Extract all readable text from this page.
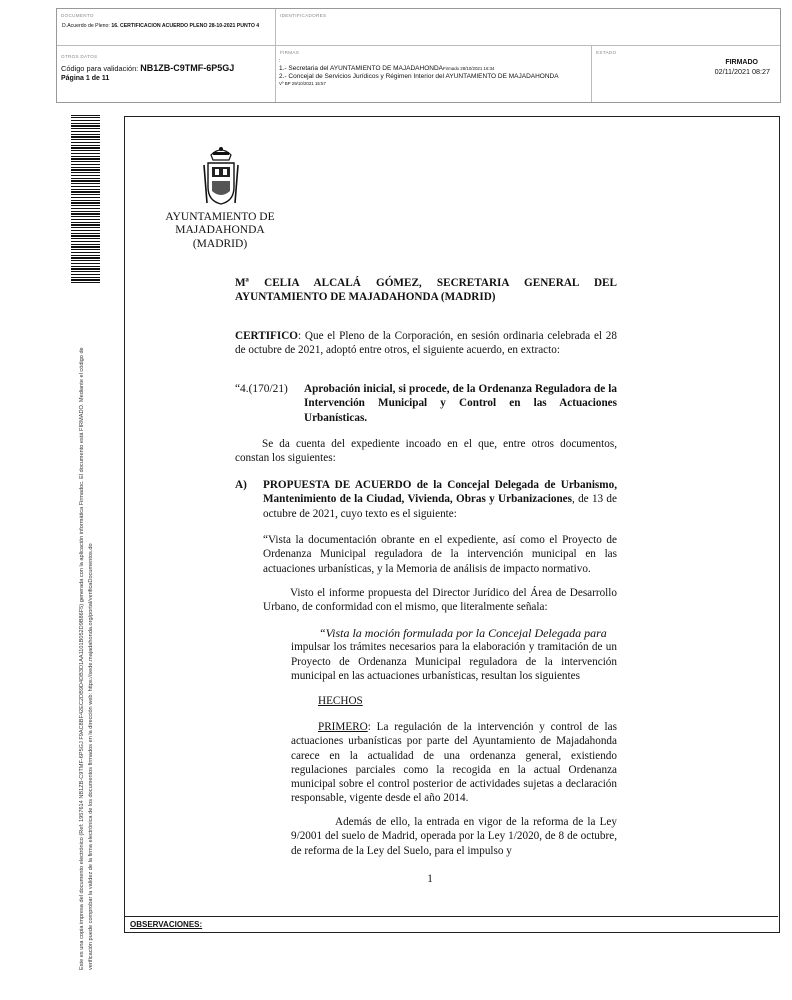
DOCUMENTO
D.Acuerdo de Pleno: 16. CERTIFICACION ACUERDO PLENO 28-10-2021 PUNTO 4
IDENTIFICADORES
OTROS DATOS
Código para validación: NB1ZB-C9TMF-6P5GJ
Página 1 de 11
FIRMAS
:
1.- Secretaria del AYUNTAMIENTO DE MAJADAHONDAFirmado 28/10/2021 16:34
2.- Concejal de Servicios Jurídicos y Régimen Interior del AYUNTAMIENTO DE MAJADAHONDA
Vº BP 29/10/2021 15:57
ESTADO
FIRMADO
02/11/2021 08:27
Este es una copia impresa del documento electrónico (Ref: 1957614 NB1ZB-C9TMF-6P5GJ F9AC8BF42EC2DB9D4DB3D1AA1101B052D9B86F5) generada con la aplicación informática Firmadoc. El documento está FIRMADO. Mediante el código de verificación puede comprobar la validez de la firma electrónica de los documentos firmados en la dirección web: https://sede.majadahonda.org/portal/verificaDocumentos.do
AYUNTAMIENTO DE
MAJADAHONDA
(MADRID)
Mª CELIA ALCALÁ GÓMEZ, SECRETARIA GENERAL DEL
AYUNTAMIENTO DE MAJADAHONDA (MADRID)
CERTIFICO: Que el Pleno de la Corporación, en sesión ordinaria celebrada el 28 de octubre de 2021, adoptó entre otros, el siguiente acuerdo, en extracto:
“4.(170/21)	Aprobación inicial, si procede, de la Ordenanza Reguladora de la Intervención Municipal y Control en las Actuaciones Urbanísticas.
Se da cuenta del expediente incoado en el que, entre otros documentos, constan los siguientes:
A)	PROPUESTA DE ACUERDO de la Concejal Delegada de Urbanismo, Mantenimiento de la Ciudad, Vivienda, Obras y Urbanizaciones, de 13 de octubre de 2021, cuyo texto es el siguiente:
“Vista la documentación obrante en el expediente, así como el Proyecto de Ordenanza Municipal reguladora de la intervención municipal en las actuaciones urbanísticas, y la Memoria de análisis de impacto normativo.
Visto el informe propuesta del Director Jurídico del Área de Desarrollo Urbano, de conformidad con el mismo, que literalmente señala:
“Vista la moción formulada por la Concejal Delegada para
impulsar los trámites necesarios para la elaboración y tramitación de un Proyecto de Ordenanza Municipal reguladora de la intervención municipal en las actuaciones urbanísticas, resultan los siguientes
HECHOS
PRIMERO: La regulación de la intervención y control de las actuaciones urbanísticas por parte del Ayuntamiento de Majadahonda carece en la actualidad de una ordenanza general, existiendo regulaciones parciales como la recogida en la actual Ordenanza municipal sobre el control posterior de actividades sujetas a declaración responsable, vigente desde el año 2014.
Además de ello, la entrada en vigor de la reforma de la Ley 9/2001 del suelo de Madrid, operada por la Ley 1/2020, de 8 de octubre, de reforma de la Ley del Suelo, para el impulso y
1
OBSERVACIONES:
